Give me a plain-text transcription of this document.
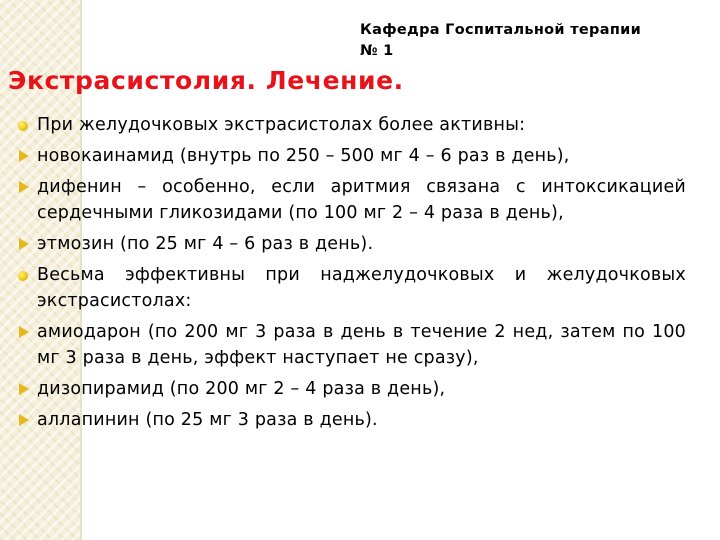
Кафедра Госпитальной терапии
№ 1
Экстрасистолия. Лечение.
При желудочковых экстрасистолах более активны:
новокаинамид (внутрь по 250 – 500 мг 4 – 6 раз в день),
дифенин – особенно, если аритмия связана с интоксикацией сердечными гликозидами (по 100 мг 2 – 4 раза в день),
этмозин (по 25 мг 4 – 6 раз в день).
Весьма эффективны при наджелудочковых и желудочковых экстрасистолах:
амиодарон (по 200 мг 3 раза в день в течение 2 нед, затем по 100 мг 3 раза в день, эффект наступает не сразу),
дизопирамид (по 200 мг 2 – 4 раза в день),
аллапинин (по 25 мг 3 раза в день).
